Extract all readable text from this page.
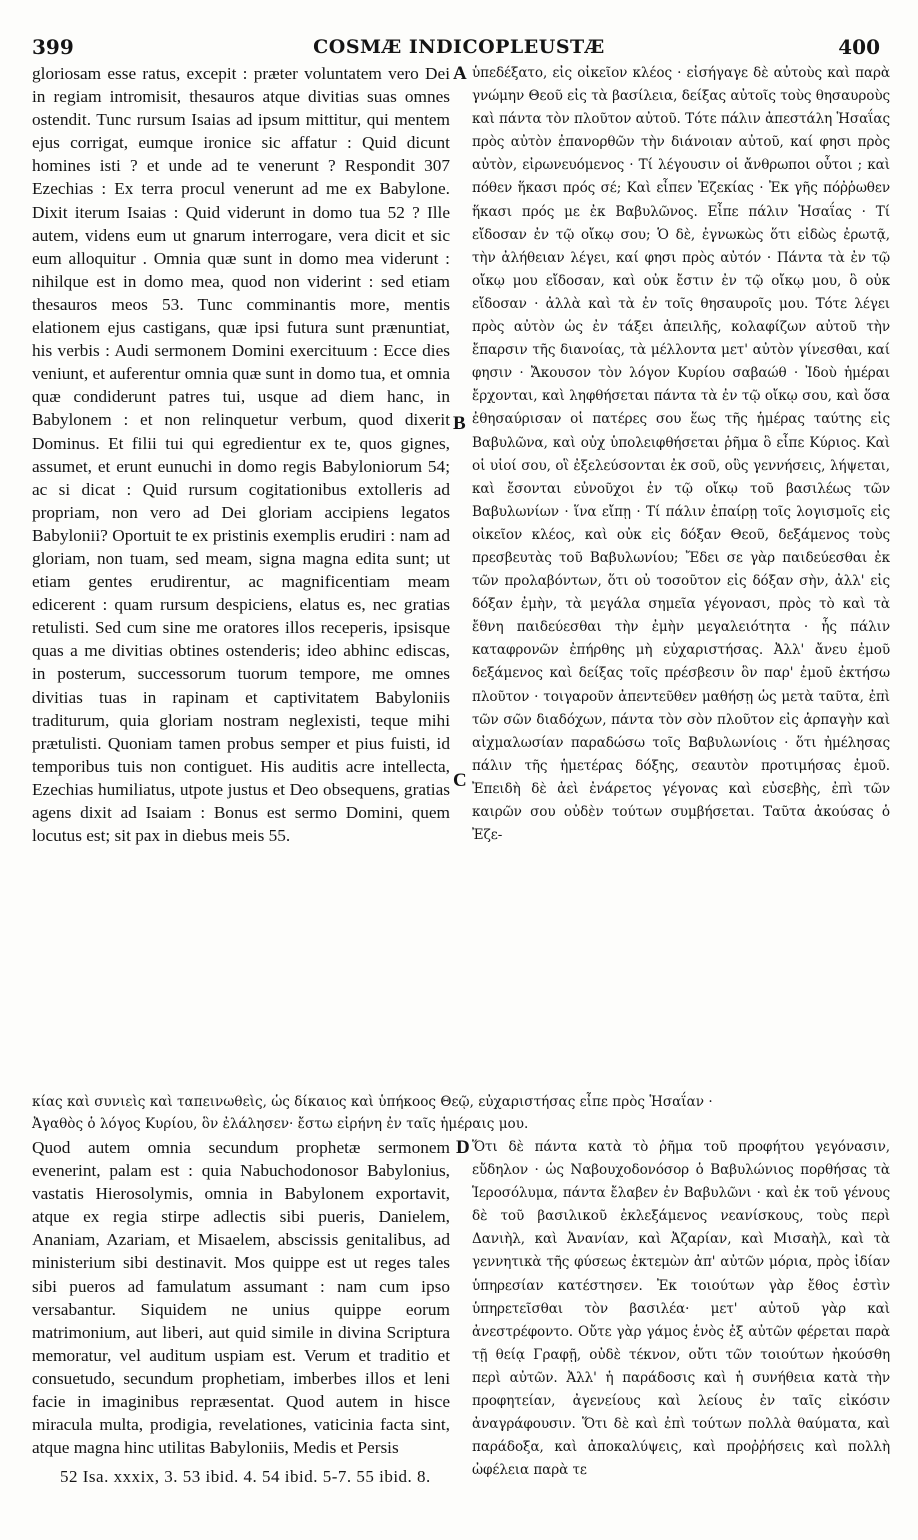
COSMÆ INDICOPLEUSTÆ
399	400

gloriosam esse ratus, excepit : præter voluntatem vero Dei in regiam intromisit, thesauros atque divitias suas omnes ostendit. Tunc rursum Isaias ad ipsum mittitur, qui mentem ejus corrigat, eumque ironice sic affatur : Quid dicunt homines isti ? et unde ad te venerunt ? Respondit 307 Ezechias : Ex terra procul venerunt ad me ex Babylone. Dixit iterum Isaias : Quid viderunt in domo tua 52 ? Ille autem, videns eum ut gnarum interrogare, vera dicit et sic eum alloquitur . Omnia quæ sunt in domo mea viderunt : nihilque est in domo mea, quod non viderint : sed etiam thesauros meos 53. Tunc comminantis more, mentis elationem ejus castigans, quæ ipsi futura sunt prænuntiat, his verbis : Audi sermonem Domini exercituum : Ecce dies veniunt, et auferentur omnia quæ sunt in domo tua, et omnia quæ condiderunt patres tui, usque ad diem hanc, in Babylonem : et non relinquetur verbum, quod dixerit Dominus. Et filii tui qui egredientur ex te, quos gignes, assumet, et erunt eunuchi in domo regis Babyloniorum 54; ac si dicat : Quid rursum cogitationibus extolleris ad propriam, non vero ad Dei gloriam accipiens legatos Babylonii? Oportuit te ex pristinis exemplis erudiri : nam ad gloriam, non tuam, sed meam, signa magna edita sunt; ut etiam gentes erudirentur, ac magnificentiam meam edicerent : quam rursum despiciens, elatus es, nec gratias retulisti. Sed cum sine me oratores illos receperis, ipsisque quas a me divitias obtines ostenderis; ideo abhinc ediscas, in posterum, successorum tuorum tempore, me omnes divitias tuas in rapinam et captivitatem Babyloniis traditurum, quia gloriam nostram neglexisti, teque mihi prætulisti. Quoniam tamen probus semper et pius fuisti, id temporibus tuis non contiguet. His auditis acre intellecta, Ezechias humiliatus, utpote justus et Deo obsequens, gratias agens dixit ad Isaiam : Bonus est sermo Domini, quem locutus est; sit pax in diebus meis 55.

ὑπεδέξατο, εἰς οἰκεῖον κλέος · εἰσήγαγε δὲ αὐτοὺς καὶ παρὰ γνώμην Θεοῦ εἰς τὰ βασίλεια, δείξας αὐτοῖς τοὺς θησαυροὺς καὶ πάντα τὸν πλοῦτον αὐτοῦ. Τότε πάλιν ἀπεστάλη Ἡσαΐας πρὸς αὐτὸν ἐπανορθῶν τὴν διάνοιαν αὐτοῦ, καί φησι πρὸς αὐτὸν, εἰρωνευόμενος · Τί λέγουσιν οἱ ἄνθρωποι οὗτοι ; καὶ πόθεν ἥκασι πρός σέ; Καὶ εἶπεν Ἐζεκίας · Ἐκ γῆς πόῤῥωθεν ἥκασι πρός με ἐκ Βαβυλῶνος. Εἶπε πάλιν Ἡσαΐας · Τί εἴδοσαν ἐν τῷ οἴκῳ σου; Ὁ δὲ, ἐγνωκὼς ὅτι εἰδὼς ἐρωτᾷ, τὴν ἀλήθειαν λέγει, καί φησι πρὸς αὐτόν · Πάντα τὰ ἐν τῷ οἴκῳ μου εἴδοσαν, καὶ οὐκ ἔστιν ἐν τῷ οἴκῳ μου, ὃ οὐκ εἴδοσαν · ἀλλὰ καὶ τὰ ἐν τοῖς θησαυροῖς μου. Τότε λέγει πρὸς αὐτὸν ὡς ἐν τάξει ἀπειλῆς, κολαφίζων αὐτοῦ τὴν ἔπαρσιν τῆς διανοίας, τὰ μέλλοντα μετ' αὐτὸν γίνεσθαι, καί φησιν · Ἄκουσον τὸν λόγον Κυρίου σαβαώθ · Ἰδοὺ ἡμέραι ἔρχονται, καὶ ληφθήσεται πάντα τὰ ἐν τῷ οἴκῳ σου, καὶ ὅσα ἐθησαύρισαν οἱ πατέρες σου ἕως τῆς ἡμέρας ταύτης εἰς Βαβυλῶνα, καὶ οὐχ ὑπολειφθήσεται ῥῆμα ὃ εἶπε Κύριος. Καὶ οἱ υἱοί σου, οἳ ἐξελεύσονται ἐκ σοῦ, οὓς γεννήσεις, λήψεται, καὶ ἔσονται εὐνοῦχοι ἐν τῷ οἴκῳ τοῦ βασιλέως τῶν Βαβυλωνίων · ἵνα εἴπῃ · Τί πάλιν ἐπαίρῃ τοῖς λογισμοῖς εἰς οἰκεῖον κλέος, καὶ οὐκ εἰς δόξαν Θεοῦ, δεξάμενος τοὺς πρεσβευτὰς τοῦ Βαβυλωνίου; Ἔδει σε γὰρ παιδεύεσθαι ἐκ τῶν προλαβόντων, ὅτι οὐ τοσοῦτον εἰς δόξαν σὴν, ἀλλ' εἰς δόξαν ἐμὴν, τὰ μεγάλα σημεῖα γέγονασι, πρὸς τὸ καὶ τὰ ἔθνη παιδεύεσθαι τὴν ἐμὴν μεγαλειότητα · ἧς πάλιν καταφρονῶν ἐπήρθης μὴ εὐχαριστήσας. Ἀλλ' ἄνευ ἐμοῦ δεξάμενος καὶ δείξας τοῖς πρέσβεσιν ὃν παρ' ἐμοῦ ἐκτήσω πλοῦτον · τοιγαροῦν ἀπεντεῦθεν μαθήσῃ ὡς μετὰ ταῦτα, ἐπὶ τῶν σῶν διαδόχων, πάντα τὸν σὸν πλοῦτον εἰς ἁρπαγὴν καὶ αἰχμαλωσίαν παραδώσω τοῖς Βαβυλωνίοις · ὅτι ἠμέλησας πάλιν τῆς ἡμετέρας δόξης, σεαυτὸν προτιμήσας ἐμοῦ. Ἐπειδὴ δὲ ἀεὶ ἐνάρετος γέγονας καὶ εὐσεβὴς, ἐπὶ τῶν καιρῶν σου οὐδὲν τούτων συμβήσεται. Ταῦτα ἀκούσας ὁ Ἐζε-

A
B
C
D
κίας καὶ συνιεὶς καὶ ταπεινωθεὶς, ὡς δίκαιος καὶ ὑπήκοος Θεῷ, εὐχαριστήσας εἶπε πρὸς Ἡσαΐαν ·
Ἀγαθὸς ὁ λόγος Κυρίου, ὃν ἐλάλησεν· ἔστω εἰρήνη ἐν ταῖς ἡμέραις μου.

Quod autem omnia secundum prophetæ sermonem evenerint, palam est : quia Nabuchodonosor Babylonius, vastatis Hierosolymis, omnia in Babylonem exportavit, atque ex regia stirpe adlectis sibi pueris, Danielem, Ananiam, Azariam, et Misaelem, abscissis genitalibus, ad ministerium sibi destinavit. Mos quippe est ut reges tales sibi pueros ad famulatum assumant : nam cum ipso versabantur. Siquidem ne unius quippe eorum matrimonium, aut liberi, aut quid simile in divina Scriptura memoratur, vel auditum uspiam est. Verum et traditio et consuetudo, secundum prophetiam, imberbes illos et leni facie in imaginibus repræsentat. Quod autem in hisce miracula multa, prodigia, revelationes, vaticinia facta sint, atque magna hinc utilitas Babyloniis, Medis et Persis

Ὅτι δὲ πάντα κατὰ τὸ ῥῆμα τοῦ προφήτου γεγόνασιν, εὔδηλον · ὡς Ναβουχοδονόσορ ὁ Βαβυλώνιος πορθήσας τὰ Ἱεροσόλυμα, πάντα ἔλαβεν ἐν Βαβυλῶνι · καὶ ἐκ τοῦ γένους δὲ τοῦ βασιλικοῦ ἐκλεξάμενος νεανίσκους, τοὺς περὶ Δανιὴλ, καὶ Ἀνανίαν, καὶ Ἀζαρίαν, καὶ Μισαὴλ, καὶ τὰ γεννητικὰ τῆς φύσεως ἐκτεμὼν ἀπ' αὐτῶν μόρια, πρὸς ἰδίαν ὑπηρεσίαν κατέστησεν. Ἐκ τοιούτων γὰρ ἔθος ἐστὶν ὑπηρετεῖσθαι τὸν βασιλέα· μετ' αὐτοῦ γὰρ καὶ ἀνεστρέφοντο. Οὔτε γὰρ γάμος ἑνὸς ἐξ αὐτῶν φέρεται παρὰ τῇ θείᾳ Γραφῇ, οὐδὲ τέκνον, οὔτι τῶν τοιούτων ἠκούσθη περὶ αὐτῶν. Ἀλλ' ἡ παράδοσις καὶ ἡ συνήθεια κατὰ τὴν προφητείαν, ἀγενείους καὶ λείους ἐν ταῖς εἰκόσιν ἀναγράφουσιν. Ὅτι δὲ καὶ ἐπὶ τούτων πολλὰ θαύματα, καὶ παράδοξα, καὶ ἀποκαλύψεις, καὶ προῤῥήσεις καὶ πολλὴ ὠφέλεια παρὰ τε

52 Isa. xxxix, 3. 53 ibid. 4. 54 ibid. 5-7. 55 ibid. 8.
